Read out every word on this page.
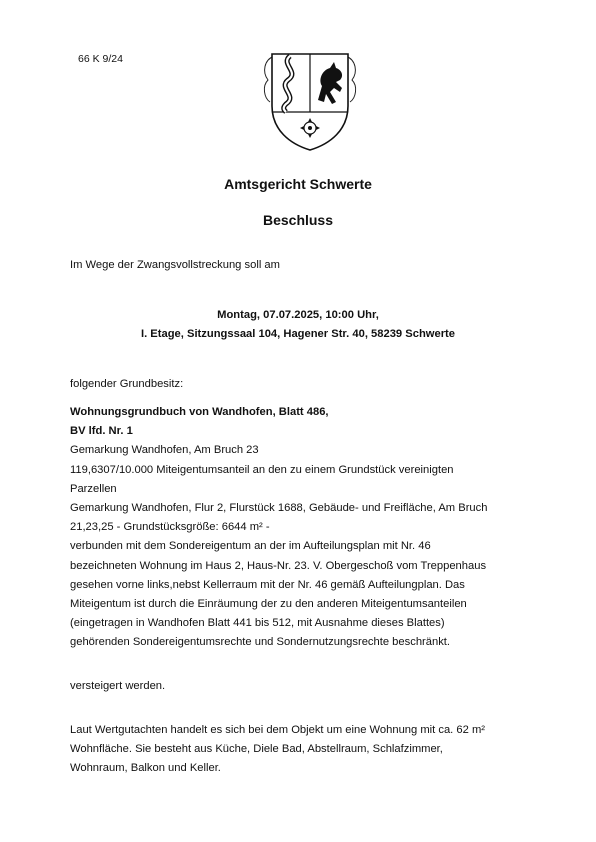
66 K 9/24
Amtsgericht Schwerte
Beschluss
Im Wege der Zwangsvollstreckung soll am
Montag, 07.07.2025, 10:00 Uhr,
I. Etage, Sitzungssaal 104, Hagener Str. 40, 58239 Schwerte
folgender Grundbesitz:
Wohnungsgrundbuch von Wandhofen, Blatt 486,
BV lfd. Nr. 1
Gemarkung Wandhofen, Am Bruch 23
119,6307/10.000 Miteigentumsanteil an den zu einem Grundstück vereinigten
Parzellen
Gemarkung Wandhofen, Flur 2, Flurstück 1688, Gebäude- und Freifläche, Am Bruch
21,23,25 - Grundstücksgröße: 6644 m² -
verbunden mit dem Sondereigentum an der im Aufteilungsplan mit Nr. 46
bezeichneten Wohnung im Haus 2, Haus-Nr. 23. V. Obergeschoß vom Treppenhaus
gesehen vorne links,nebst Kellerraum mit der Nr. 46 gemäß Aufteilungplan. Das
Miteigentum ist durch die Einräumung der zu den anderen Miteigentumsanteilen
(eingetragen in Wandhofen Blatt 441 bis 512, mit Ausnahme dieses Blattes)
gehörenden Sondereigentumsrechte und Sondernutzungsrechte beschränkt.
versteigert werden.
Laut Wertgutachten handelt es sich bei dem Objekt um eine Wohnung mit ca. 62 m²
Wohnfläche. Sie besteht aus Küche, Diele Bad, Abstellraum, Schlafzimmer,
Wohnraum, Balkon und Keller.
